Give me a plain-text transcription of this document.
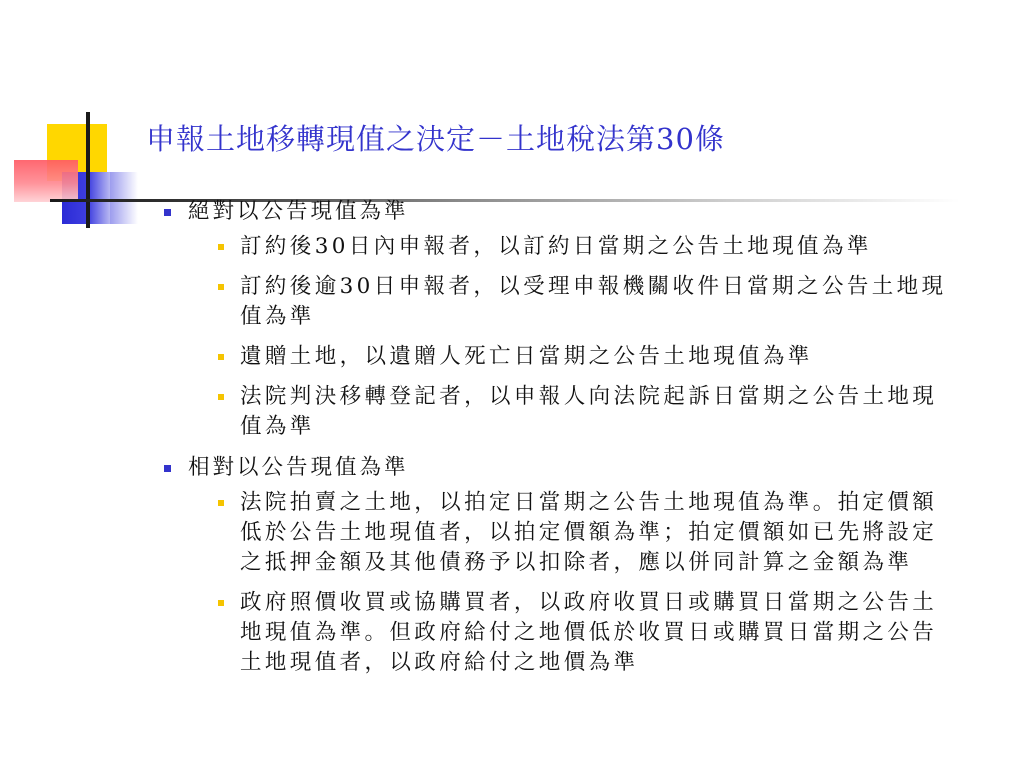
申報土地移轉現值之決定－土地稅法第30條
絕對以公告現值為準
訂約後30日內申報者，以訂約日當期之公告土地現值為準
訂約後逾30日申報者，以受理申報機關收件日當期之公告土地現值為準
遺贈土地，以遺贈人死亡日當期之公告土地現值為準
法院判決移轉登記者，以申報人向法院起訴日當期之公告土地現值為準
相對以公告現值為準
法院拍賣之土地，以拍定日當期之公告土地現值為準。拍定價額低於公告土地現值者，以拍定價額為準；拍定價額如已先將設定之抵押金額及其他債務予以扣除者，應以併同計算之金額為準
政府照價收買或協購買者，以政府收買日或購買日當期之公告土地現值為準。但政府給付之地價低於收買日或購買日當期之公告土地現值者，以政府給付之地價為準
